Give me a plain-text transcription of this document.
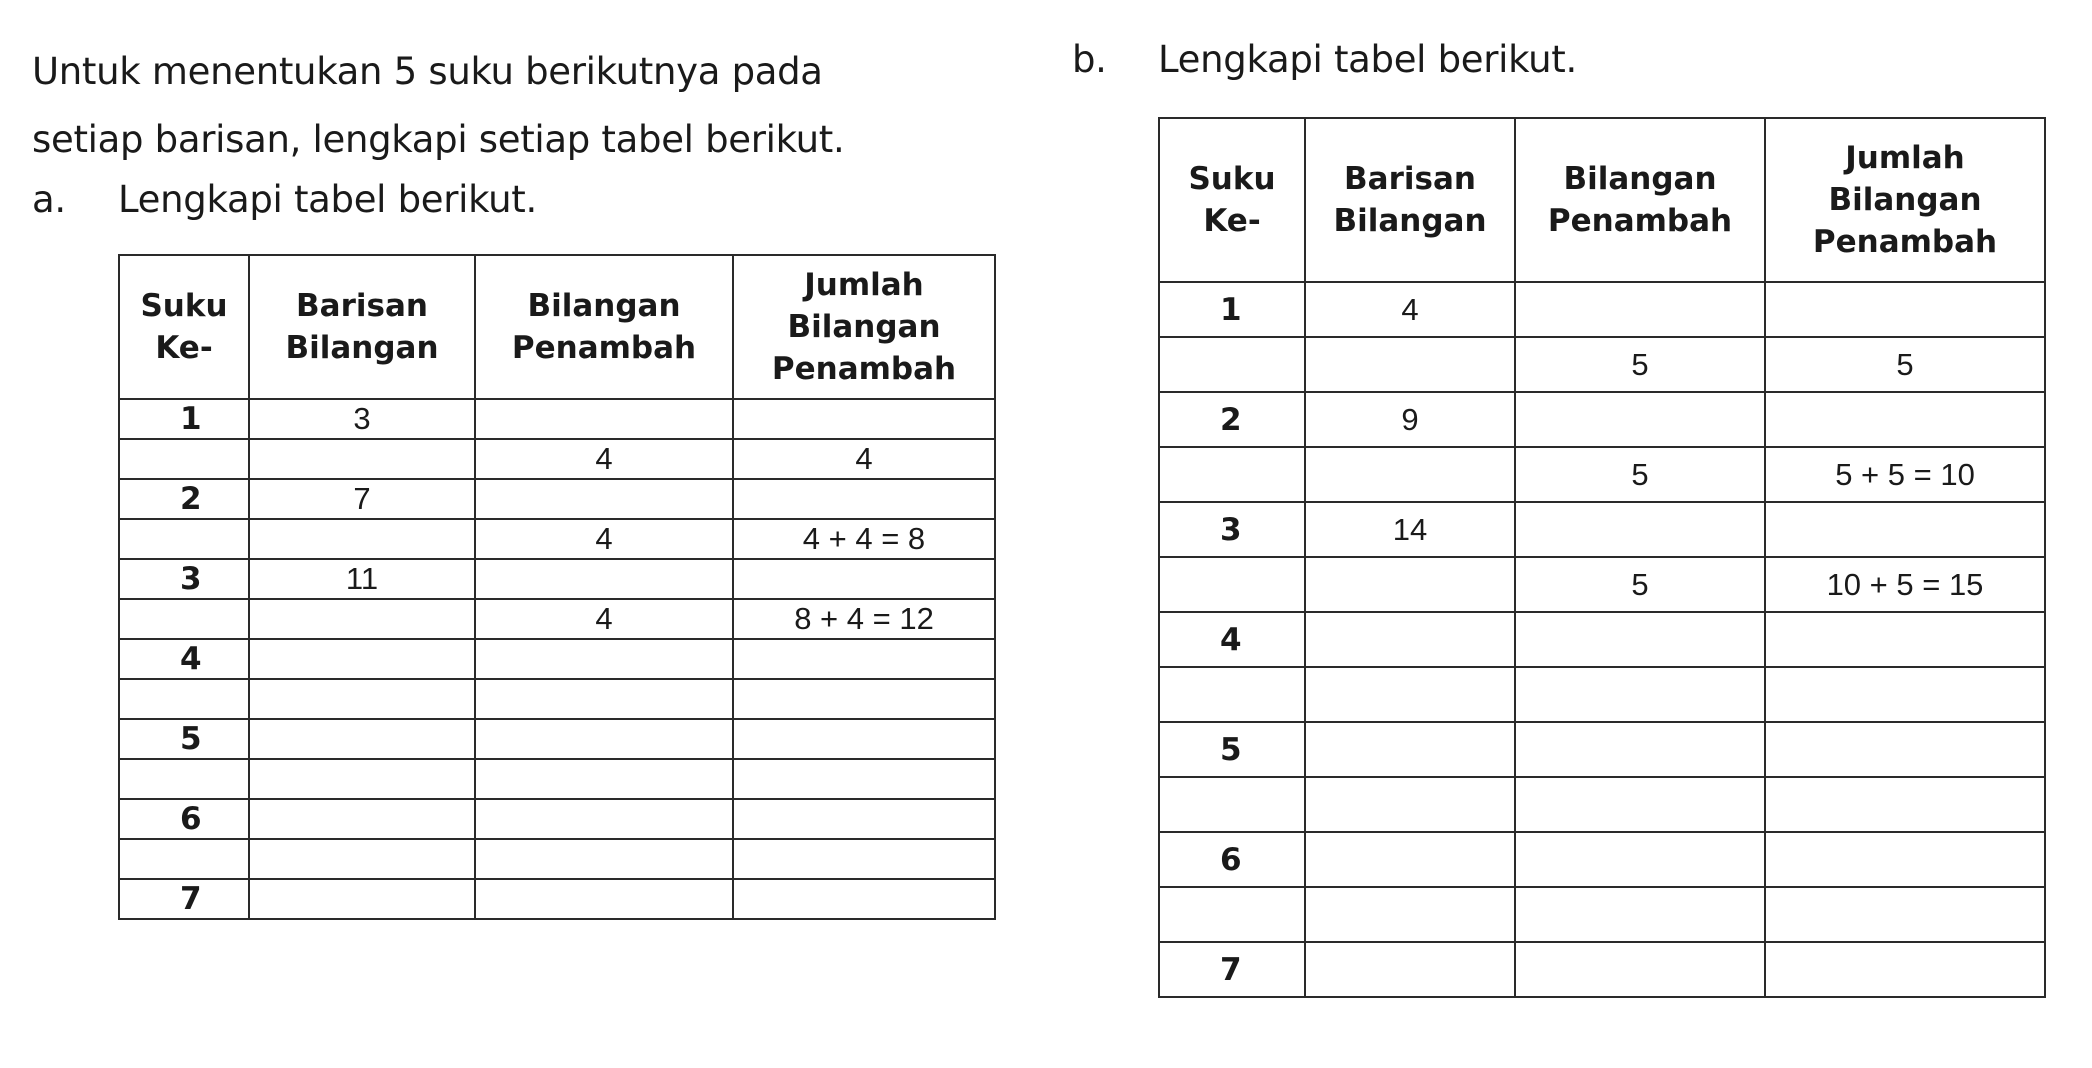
Untuk menentukan 5 suku berikutnya pada

setiap barisan, lengkapi setiap tabel berikut.

a. Lengkapi tabel berikut.
b. Lengkapi tabel berikut.
Suku Ke-	Barisan Bilangan	Bilangan Penambah	Jumlah Bilangan Penambah
1	3		
		4	4
2	7		
		4	4 + 4 = 8
3	11		
		4	8 + 4 = 12
4			

5			

6			

7			
Suku Ke-	Barisan Bilangan	Bilangan Penambah	Jumlah Bilangan Penambah
1	4		
		5	5
2	9		
		5	5 + 5 = 10
3	14		
		5	10 + 5 = 15
4			

5			

6			

7			
